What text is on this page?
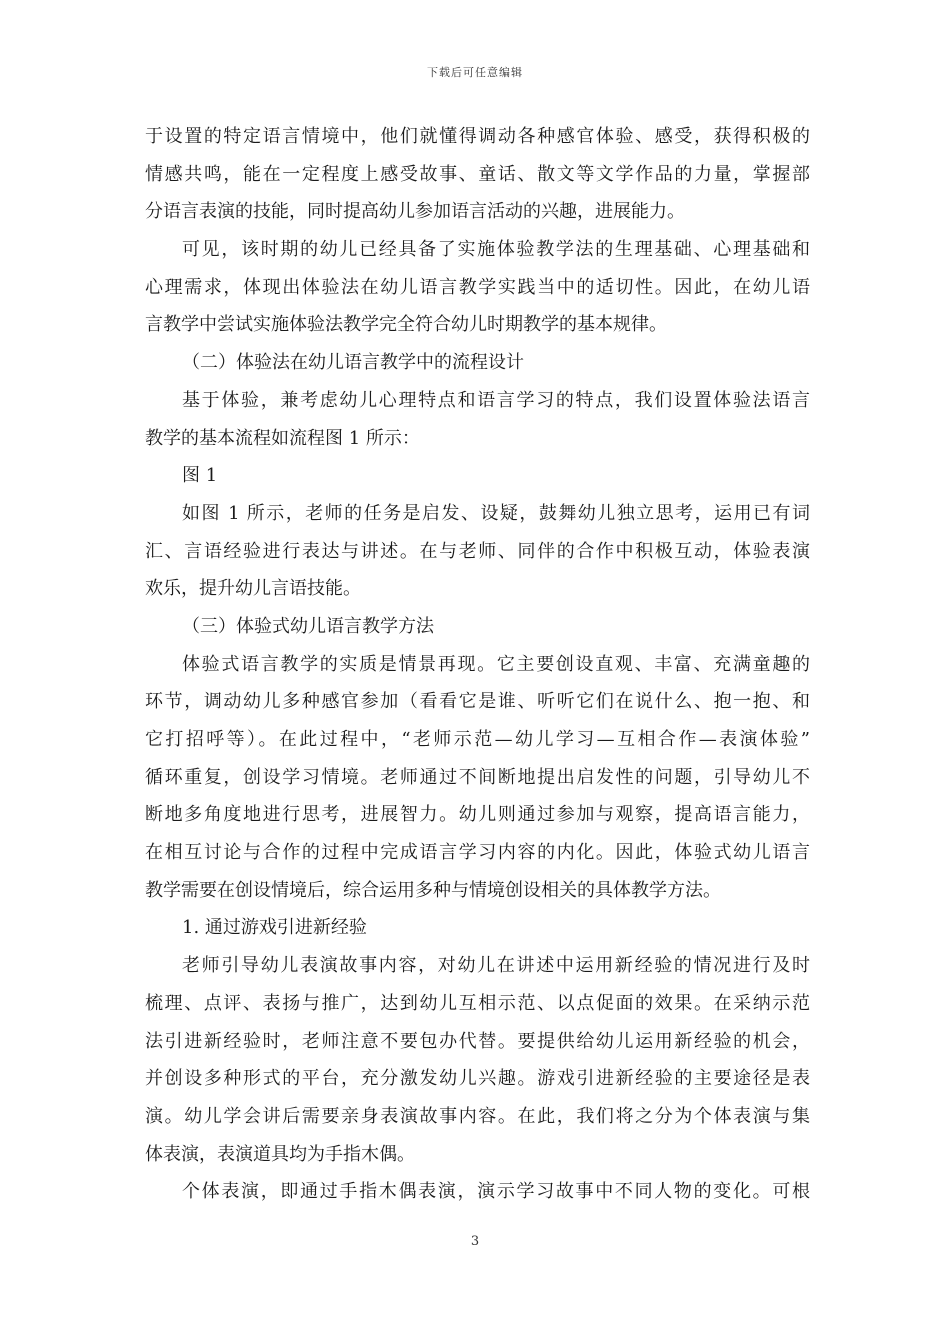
下载后可任意编辑
于设置的特定语言情境中，他们就懂得调动各种感官体验、感受，获得积极的
情感共鸣，能在一定程度上感受故事、童话、散文等文学作品的力量，掌握部
分语言表演的技能，同时提高幼儿参加语言活动的兴趣，进展能力。
可见，该时期的幼儿已经具备了实施体验教学法的生理基础、心理基础和
心理需求，体现出体验法在幼儿语言教学实践当中的适切性。因此，在幼儿语
言教学中尝试实施体验法教学完全符合幼儿时期教学的基本规律。
（二）体验法在幼儿语言教学中的流程设计
基于体验，兼考虑幼儿心理特点和语言学习的特点，我们设置体验法语言
教学的基本流程如流程图 1 所示：
图 1
如图 1 所示，老师的任务是启发、设疑，鼓舞幼儿独立思考，运用已有词
汇、言语经验进行表达与讲述。在与老师、同伴的合作中积极互动，体验表演
欢乐，提升幼儿言语技能。
（三）体验式幼儿语言教学方法
体验式语言教学的实质是情景再现。它主要创设直观、丰富、充满童趣的
环节，调动幼儿多种感官参加（看看它是谁、听听它们在说什么、抱一抱、和
它打招呼等）。在此过程中，“老师示范—幼儿学习—互相合作—表演体验”
循环重复，创设学习情境。老师通过不间断地提出启发性的问题，引导幼儿不
断地多角度地进行思考，进展智力。幼儿则通过参加与观察，提高语言能力，
在相互讨论与合作的过程中完成语言学习内容的内化。因此，体验式幼儿语言
教学需要在创设情境后，综合运用多种与情境创设相关的具体教学方法。
1. 通过游戏引进新经验
老师引导幼儿表演故事内容，对幼儿在讲述中运用新经验的情况进行及时
梳理、点评、表扬与推广，达到幼儿互相示范、以点促面的效果。在采纳示范
法引进新经验时，老师注意不要包办代替。要提供给幼儿运用新经验的机会，
并创设多种形式的平台，充分激发幼儿兴趣。游戏引进新经验的主要途径是表
演。幼儿学会讲后需要亲身表演故事内容。在此，我们将之分为个体表演与集
体表演，表演道具均为手指木偶。
个体表演，即通过手指木偶表演，演示学习故事中不同人物的变化。可根
3
